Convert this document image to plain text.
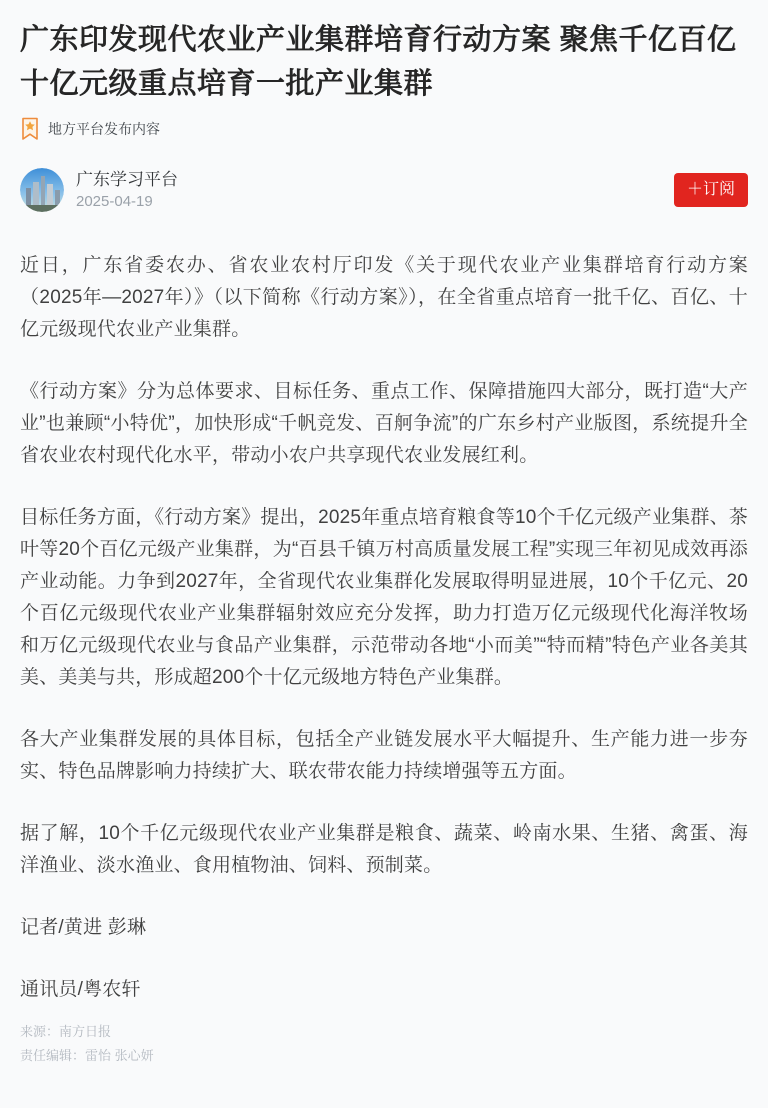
广东印发现代农业产业集群培育行动方案 聚焦千亿百亿十亿元级重点培育一批产业集群
地方平台发布内容
广东学习平台
2025-04-19
＋订阅

近日，广东省委农办、省农业农村厅印发《关于现代农业产业集群培育行动方案（2025年—2027年）》（以下简称《行动方案》），在全省重点培育一批千亿、百亿、十亿元级现代农业产业集群。

《行动方案》分为总体要求、目标任务、重点工作、保障措施四大部分，既打造“大产业”也兼顾“小特优”，加快形成“千帆竞发、百舸争流”的广东乡村产业版图，系统提升全省农业农村现代化水平，带动小农户共享现代农业发展红利。

目标任务方面，《行动方案》提出，2025年重点培育粮食等10个千亿元级产业集群、茶叶等20个百亿元级产业集群，为“百县千镇万村高质量发展工程”实现三年初见成效再添产业动能。力争到2027年，全省现代农业集群化发展取得明显进展，10个千亿元、20个百亿元级现代农业产业集群辐射效应充分发挥，助力打造万亿元级现代化海洋牧场和万亿元级现代农业与食品产业集群，示范带动各地“小而美”“特而精”特色产业各美其美、美美与共，形成超200个十亿元级地方特色产业集群。

各大产业集群发展的具体目标，包括全产业链发展水平大幅提升、生产能力进一步夯实、特色品牌影响力持续扩大、联农带农能力持续增强等五方面。

据了解，10个千亿元级现代农业产业集群是粮食、蔬菜、岭南水果、生猪、禽蛋、海洋渔业、淡水渔业、食用植物油、饲料、预制菜。

记者/黄进 彭琳

通讯员/粤农轩

来源：南方日报
责任编辑：雷怡 张心妍
